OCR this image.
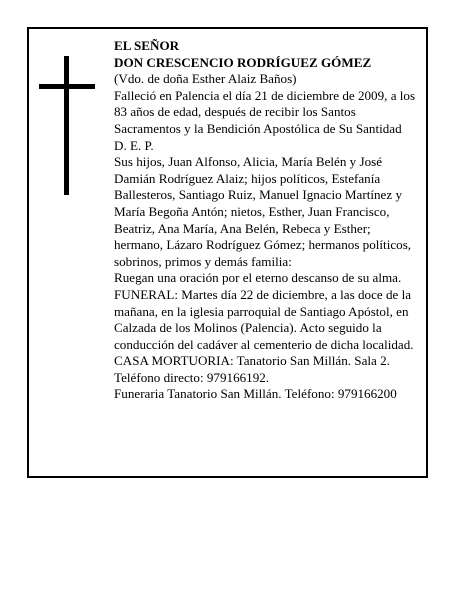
EL SEÑOR

DON CRESCENCIO RODRÍGUEZ GÓMEZ

(Vdo. de doña Esther Alaiz Baños)

Falleció en Palencia el día 21 de diciembre de 2009, a los 83 años de edad, después de recibir los Santos Sacramentos y la Bendición Apostólica de Su Santidad

D. E. P.

Sus hijos, Juan Alfonso, Alicia, María Belén y José Damián Rodríguez Alaiz; hijos políticos, Estefanía Ballesteros, Santiago Ruiz, Manuel Ignacio Martínez y María Begoña Antón; nietos, Esther, Juan Francisco, Beatriz, Ana María, Ana Belén, Rebeca y Esther; hermano, Lázaro Rodríguez Gómez; hermanos políticos, sobrinos, primos y demás familia:

Ruegan una oración por el eterno descanso de su alma.

FUNERAL: Martes día 22 de diciembre, a las doce de la mañana, en la iglesia parroquial de Santiago Apóstol, en Calzada de los Molinos (Palencia). Acto seguido la conducción del cadáver al cementerio de dicha localidad.

CASA MORTUORIA: Tanatorio San Millán. Sala 2.

Teléfono directo: 979166192.

Funeraria Tanatorio San Millán. Teléfono: 979166200
